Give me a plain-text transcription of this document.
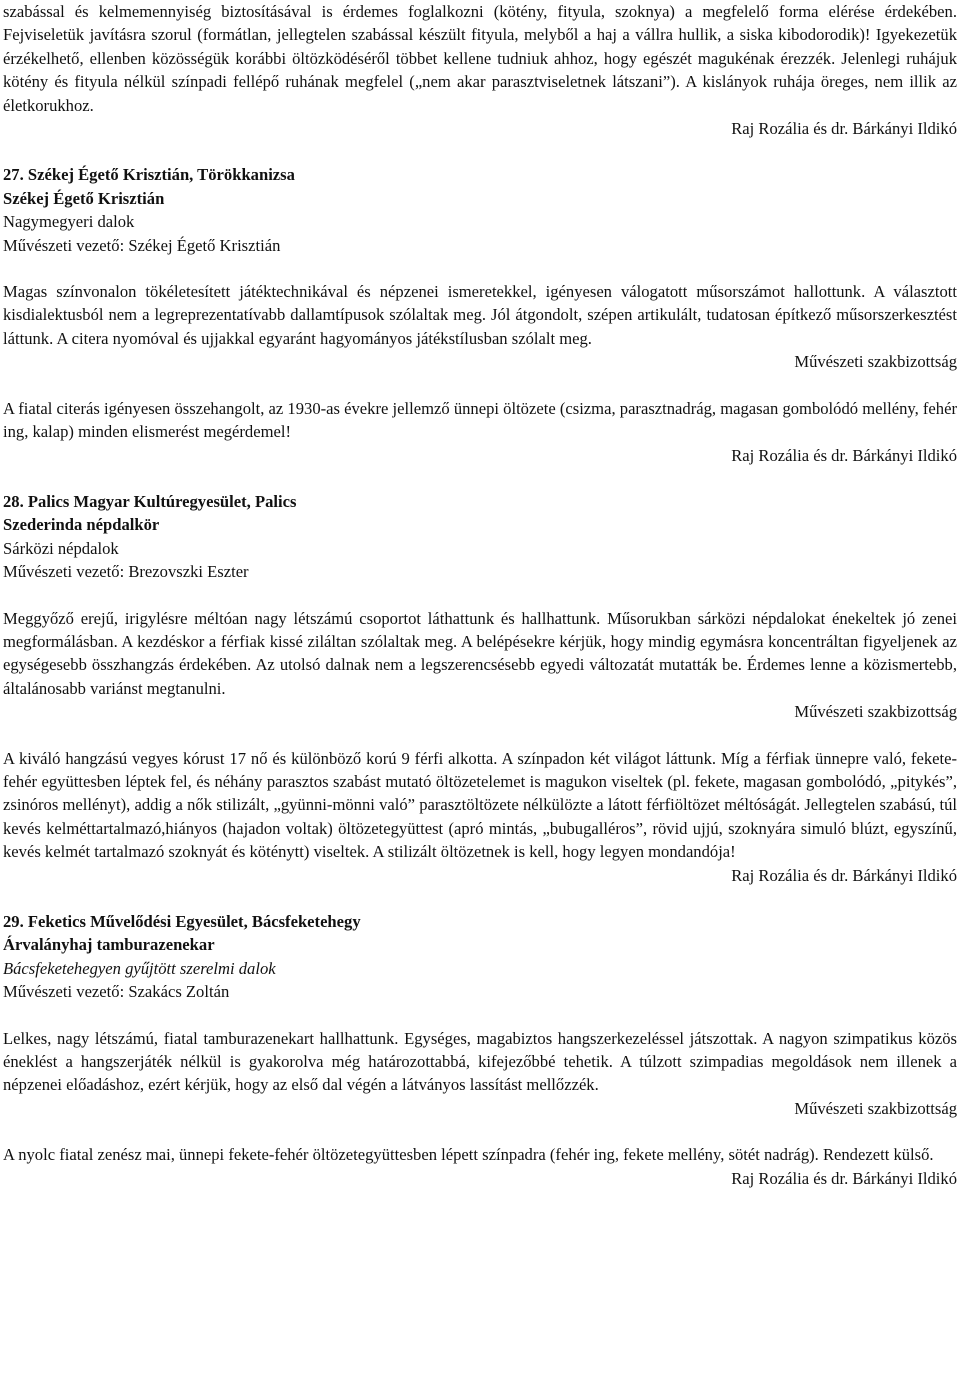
szabással és kelmemennyiség biztosításával is érdemes foglalkozni (kötény, fityula, szoknya) a megfelelő forma elérése érdekében. Fejviseletük javításra szorul (formátlan, jellegtelen szabással készült fityula, melyből a haj a vállra hullik, a siska kibodorodik)! Igyekezetük érzékelhető, ellenben közösségük korábbi öltözködéséről többet kellene tudniuk ahhoz, hogy egészét magukénak érezzék. Jelenlegi ruhájuk kötény és fityula nélkül színpadi fellépő ruhának megfelel („nem akar parasztviseletnek látszani”). A kislányok ruhája öreges, nem illik az életkorukhoz.

Raj Rozália és dr. Bárkányi Ildikó
27. Székej Égető Krisztián, Törökkanizsa
Székej Égető Krisztián
Nagymegyeri dalok
Művészeti vezető: Székej Égető Krisztián

Magas színvonalon tökéletesített játéktechnikával és népzenei ismeretekkel, igényesen válogatott műsorszámot hallottunk. A választott kisdialektusból nem a legreprezentatívabb dallamtípusok szólaltak meg. Jól átgondolt, szépen artikulált, tudatosan építkező műsorszerkesztést láttunk. A citera nyomóval és ujjakkal egyaránt hagyományos játékstílusban szólalt meg.

Művészeti szakbizottság

A fiatal citerás igényesen összehangolt, az 1930-as évekre jellemző ünnepi öltözete (csizma, parasztnadrág, magasan gombolódó mellény, fehér ing, kalap) minden elismerést megérdemel!

Raj Rozália és dr. Bárkányi Ildikó
28. Palics Magyar Kultúregyesület, Palics
Szederinda népdalkör
Sárközi népdalok
Művészeti vezető: Brezovszki Eszter

Meggyőző erejű, irigylésre méltóan nagy létszámú csoportot láthattunk és hallhattunk. Műsorukban sárközi népdalokat énekeltek jó zenei megformálásban. A kezdéskor a férfiak kissé ziláltan szólaltak meg. A belépésekre kérjük, hogy mindig egymásra koncentráltan figyeljenek az egységesebb összhangzás érdekében. Az utolsó dalnak nem a legszerencsésebb egyedi változatát mutatták be. Érdemes lenne a közismertebb, általánosabb variánst megtanulni.

Művészeti szakbizottság

A kiváló hangzású vegyes kórust 17 nő és különböző korú 9 férfi alkotta. A színpadon két világot láttunk. Míg a férfiak ünnepre való, fekete-fehér együttesben léptek fel, és néhány parasztos szabást mutató öltözetelemet is magukon viseltek (pl. fekete, magasan gombolódó, „pitykés”, zsinóros mellényt), addig a nők stilizált, „gyünni-mönni való” parasztöltözete nélkülözte a látott férfiöltözet méltóságát. Jellegtelen szabású, túl kevés kelméttartalmazó,hiányos (hajadon voltak) öltözetegyüttest (apró mintás, „bubugalléros”, rövid ujjú, szoknyára simuló blúzt, egyszínű, kevés kelmét tartalmazó szoknyát és köténytt) viseltek. A stilizált öltözetnek is kell, hogy legyen mondandója!

Raj Rozália és dr. Bárkányi Ildikó
29. Feketics Művelődési Egyesület, Bácsfeketehegy
Árvalányhaj tamburazenekar
Bácsfeketehegyen gyűjtött szerelmi dalok
Művészeti vezető: Szakács Zoltán

Lelkes, nagy létszámú, fiatal tamburazenekart hallhattunk. Egységes, magabiztos hangszerkezeléssel játszottak. A nagyon szimpatikus közös éneklést a hangszerjáték nélkül is gyakorolva még határozottabbá, kifejezőbbé tehetik. A túlzott szimpadias megoldások nem illenek a népzenei előadáshoz, ezért kérjük, hogy az első dal végén a látványos lassítást mellőzzék.

Művészeti szakbizottság

A nyolc fiatal zenész mai, ünnepi fekete-fehér öltözetegyüttesben lépett színpadra (fehér ing, fekete mellény, sötét nadrág). Rendezett külső.

Raj Rozália és dr. Bárkányi Ildikó
